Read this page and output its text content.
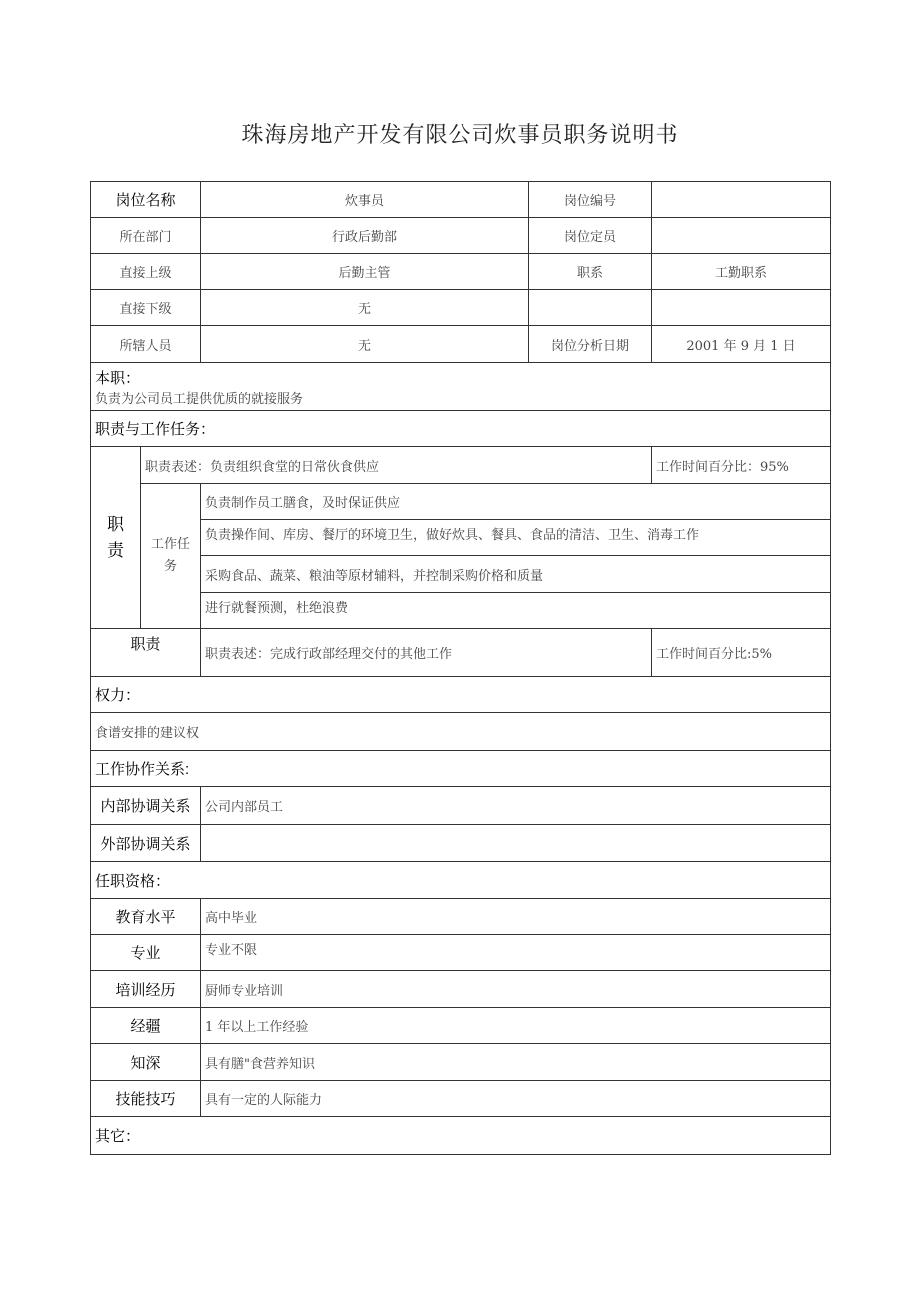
珠海房地产开发有限公司炊事员职务说明书
岗位名称		炊事员	岗位编号	
所在部门		行政后勤部	岗位定员	
直接上级		后勤主管	职系	工勤职系
直接下级		无		
所辖人员		无	岗位分析日期	2001 年 9 月 1 日

本职：
负责为公司员工提供优质的就接服务				

职责与工作任务：				
职
责	职责表述：负责组织食堂的日常伙食供应			工作时间百分比：95%
	工作任
务	负责制作员工膳食，及时保证供应		
		负责操作间、库房、餐厅的环境卫生，做好炊具、餐具、食品的清洁、卫生、消毒工作		
		采购食品、蔬菜、粮油等原材辅料，并控制采购价格和质量		
		进行就餐预测，杜绝浪费		
职责		职责表述：完成行政部经理交付的其他工作		工作时间百分比:5%
权力：				
食谱安排的建议权				
工作协作关系:				
内部协调关系		公司内部员工		
外部协调关系				
任职资格：				
教育水平		高中毕业		
专业		专业不限		
培训经历		厨师专业培训		
经疆		1 年以上工作经验		
知深		具有膳"食营养知识		
技能技巧		具有一定的人际能力		
其它：				
